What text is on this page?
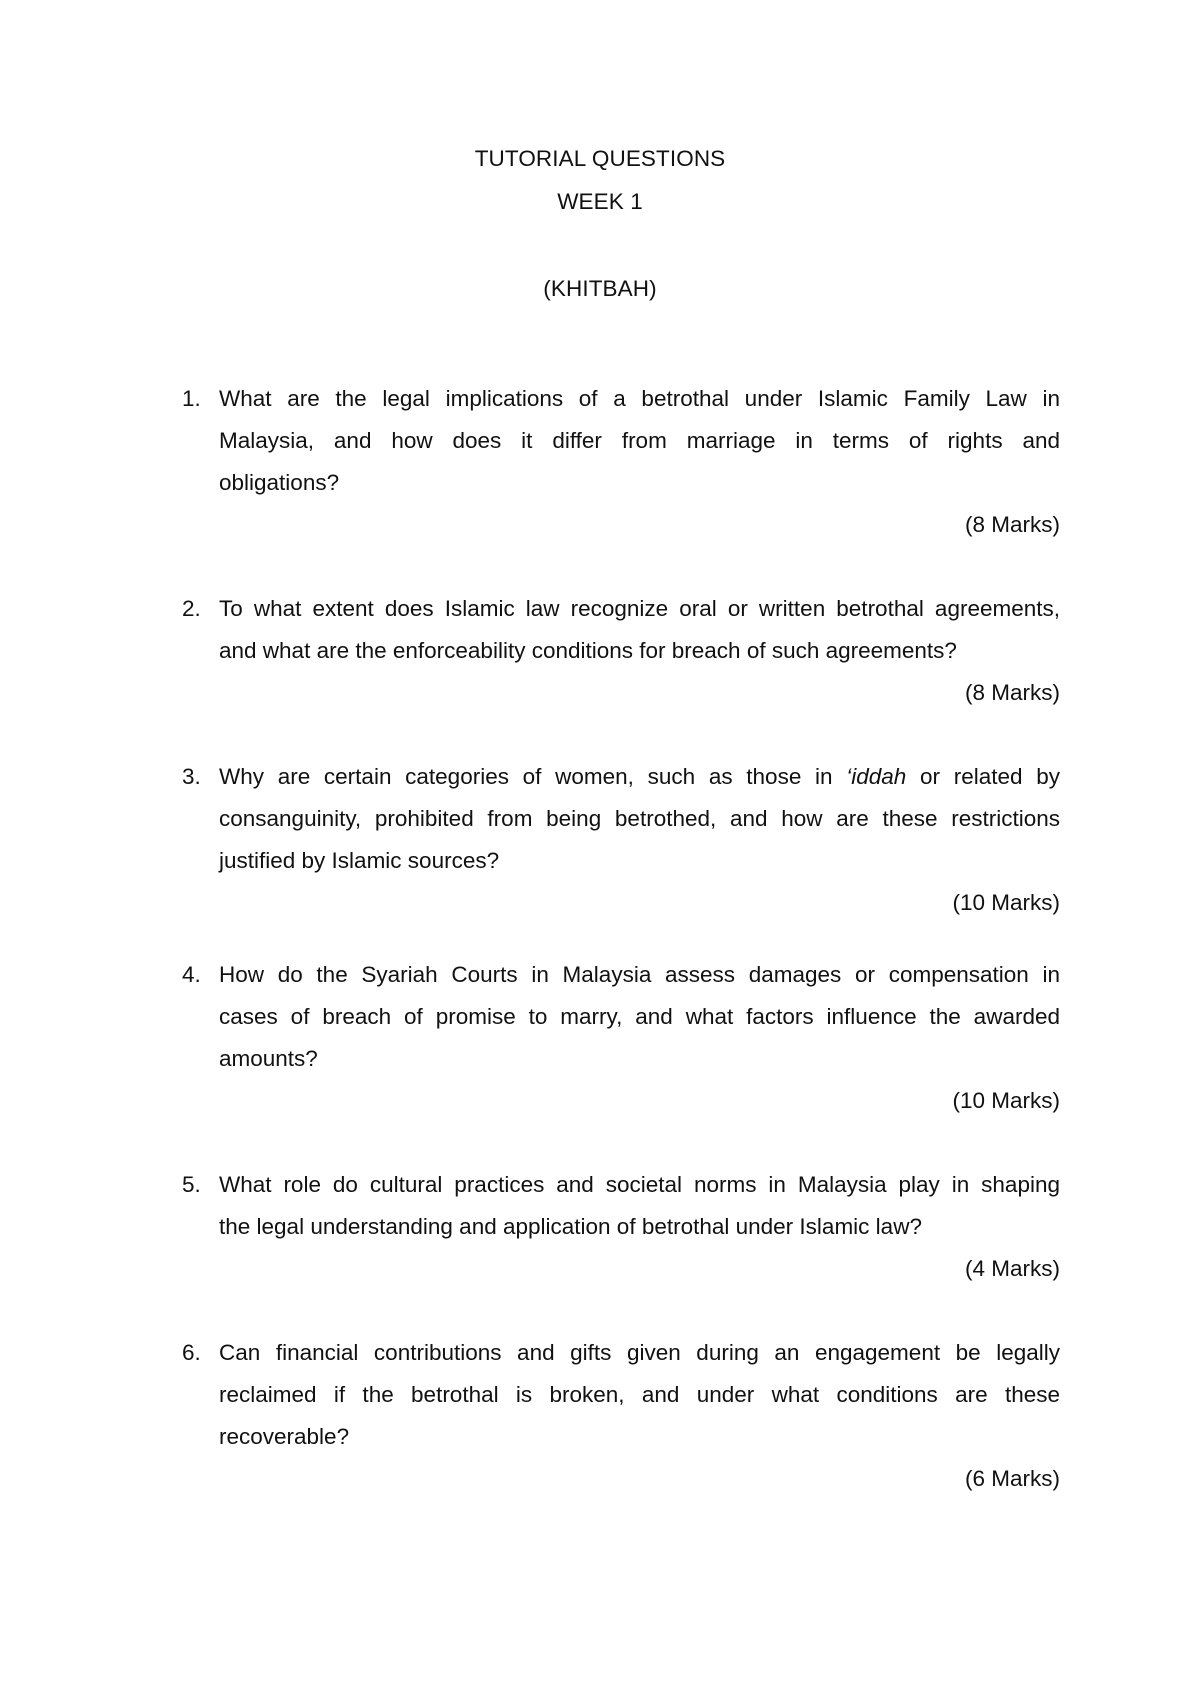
TUTORIAL QUESTIONS
WEEK 1
(KHITBAH)
1. What are the legal implications of a betrothal under Islamic Family Law in
Malaysia, and how does it differ from marriage in terms of rights and
obligations?
(8 Marks)
2. To what extent does Islamic law recognize oral or written betrothal agreements,
and what are the enforceability conditions for breach of such agreements?
(8 Marks)
3. Why are certain categories of women, such as those in ‘iddah or related by
consanguinity, prohibited from being betrothed, and how are these restrictions
justified by Islamic sources?
(10 Marks)
4. How do the Syariah Courts in Malaysia assess damages or compensation in
cases of breach of promise to marry, and what factors influence the awarded
amounts?
(10 Marks)
5. What role do cultural practices and societal norms in Malaysia play in shaping
the legal understanding and application of betrothal under Islamic law?
(4 Marks)
6. Can financial contributions and gifts given during an engagement be legally
reclaimed if the betrothal is broken, and under what conditions are these
recoverable?
(6 Marks)
